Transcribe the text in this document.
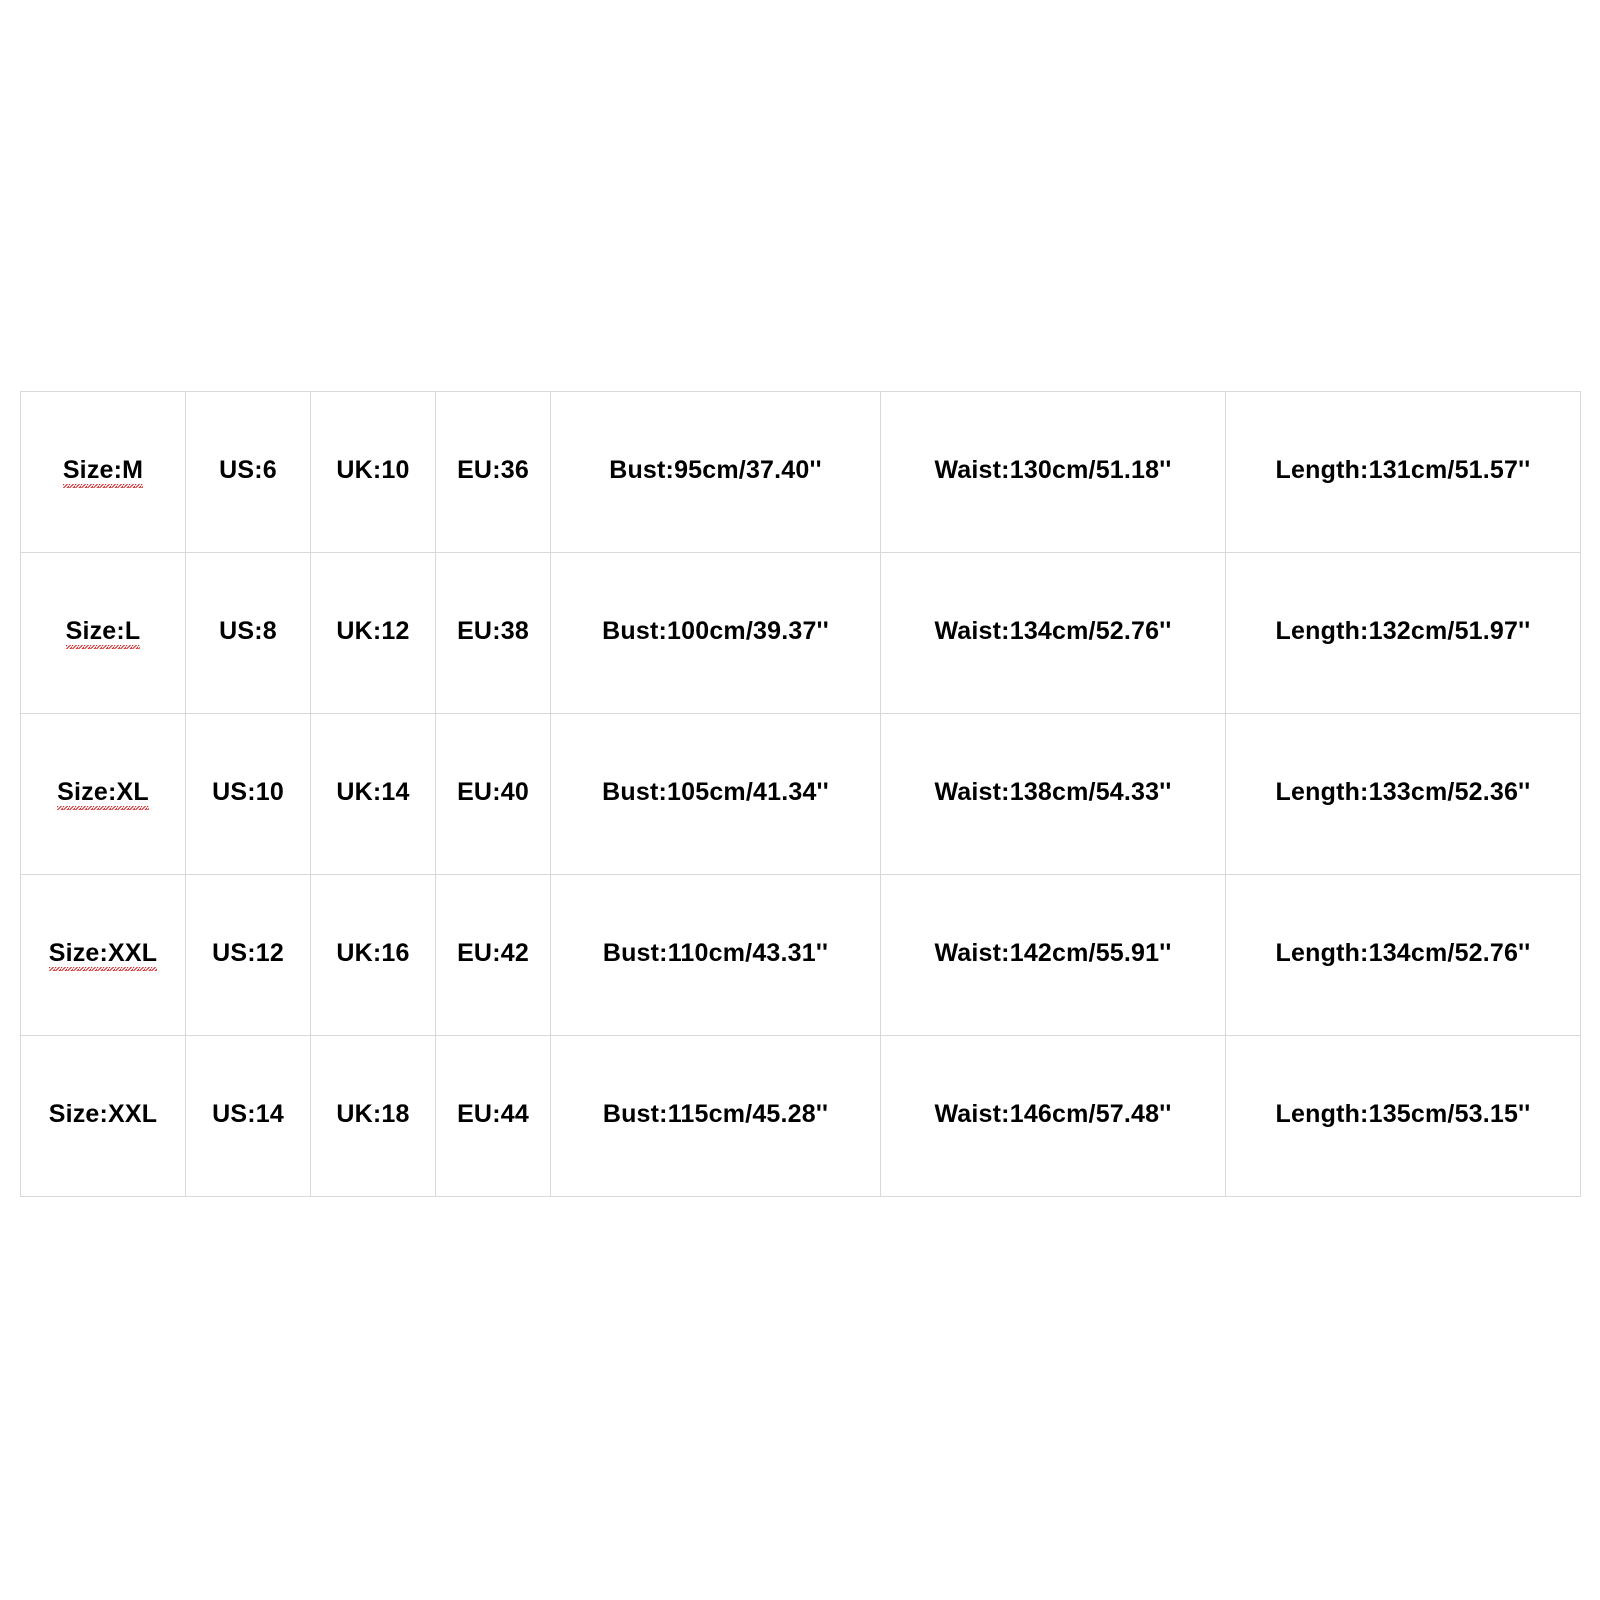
Size:M	US:6	UK:10	EU:36	Bust:95cm/37.40''	Waist:130cm/51.18''	Length:131cm/51.57''
Size:L	US:8	UK:12	EU:38	Bust:100cm/39.37''	Waist:134cm/52.76''	Length:132cm/51.97''
Size:XL	US:10	UK:14	EU:40	Bust:105cm/41.34''	Waist:138cm/54.33''	Length:133cm/52.36''
Size:XXL	US:12	UK:16	EU:42	Bust:110cm/43.31''	Waist:142cm/55.91''	Length:134cm/52.76''
Size:XXL	US:14	UK:18	EU:44	Bust:115cm/45.28''	Waist:146cm/57.48''	Length:135cm/53.15''
